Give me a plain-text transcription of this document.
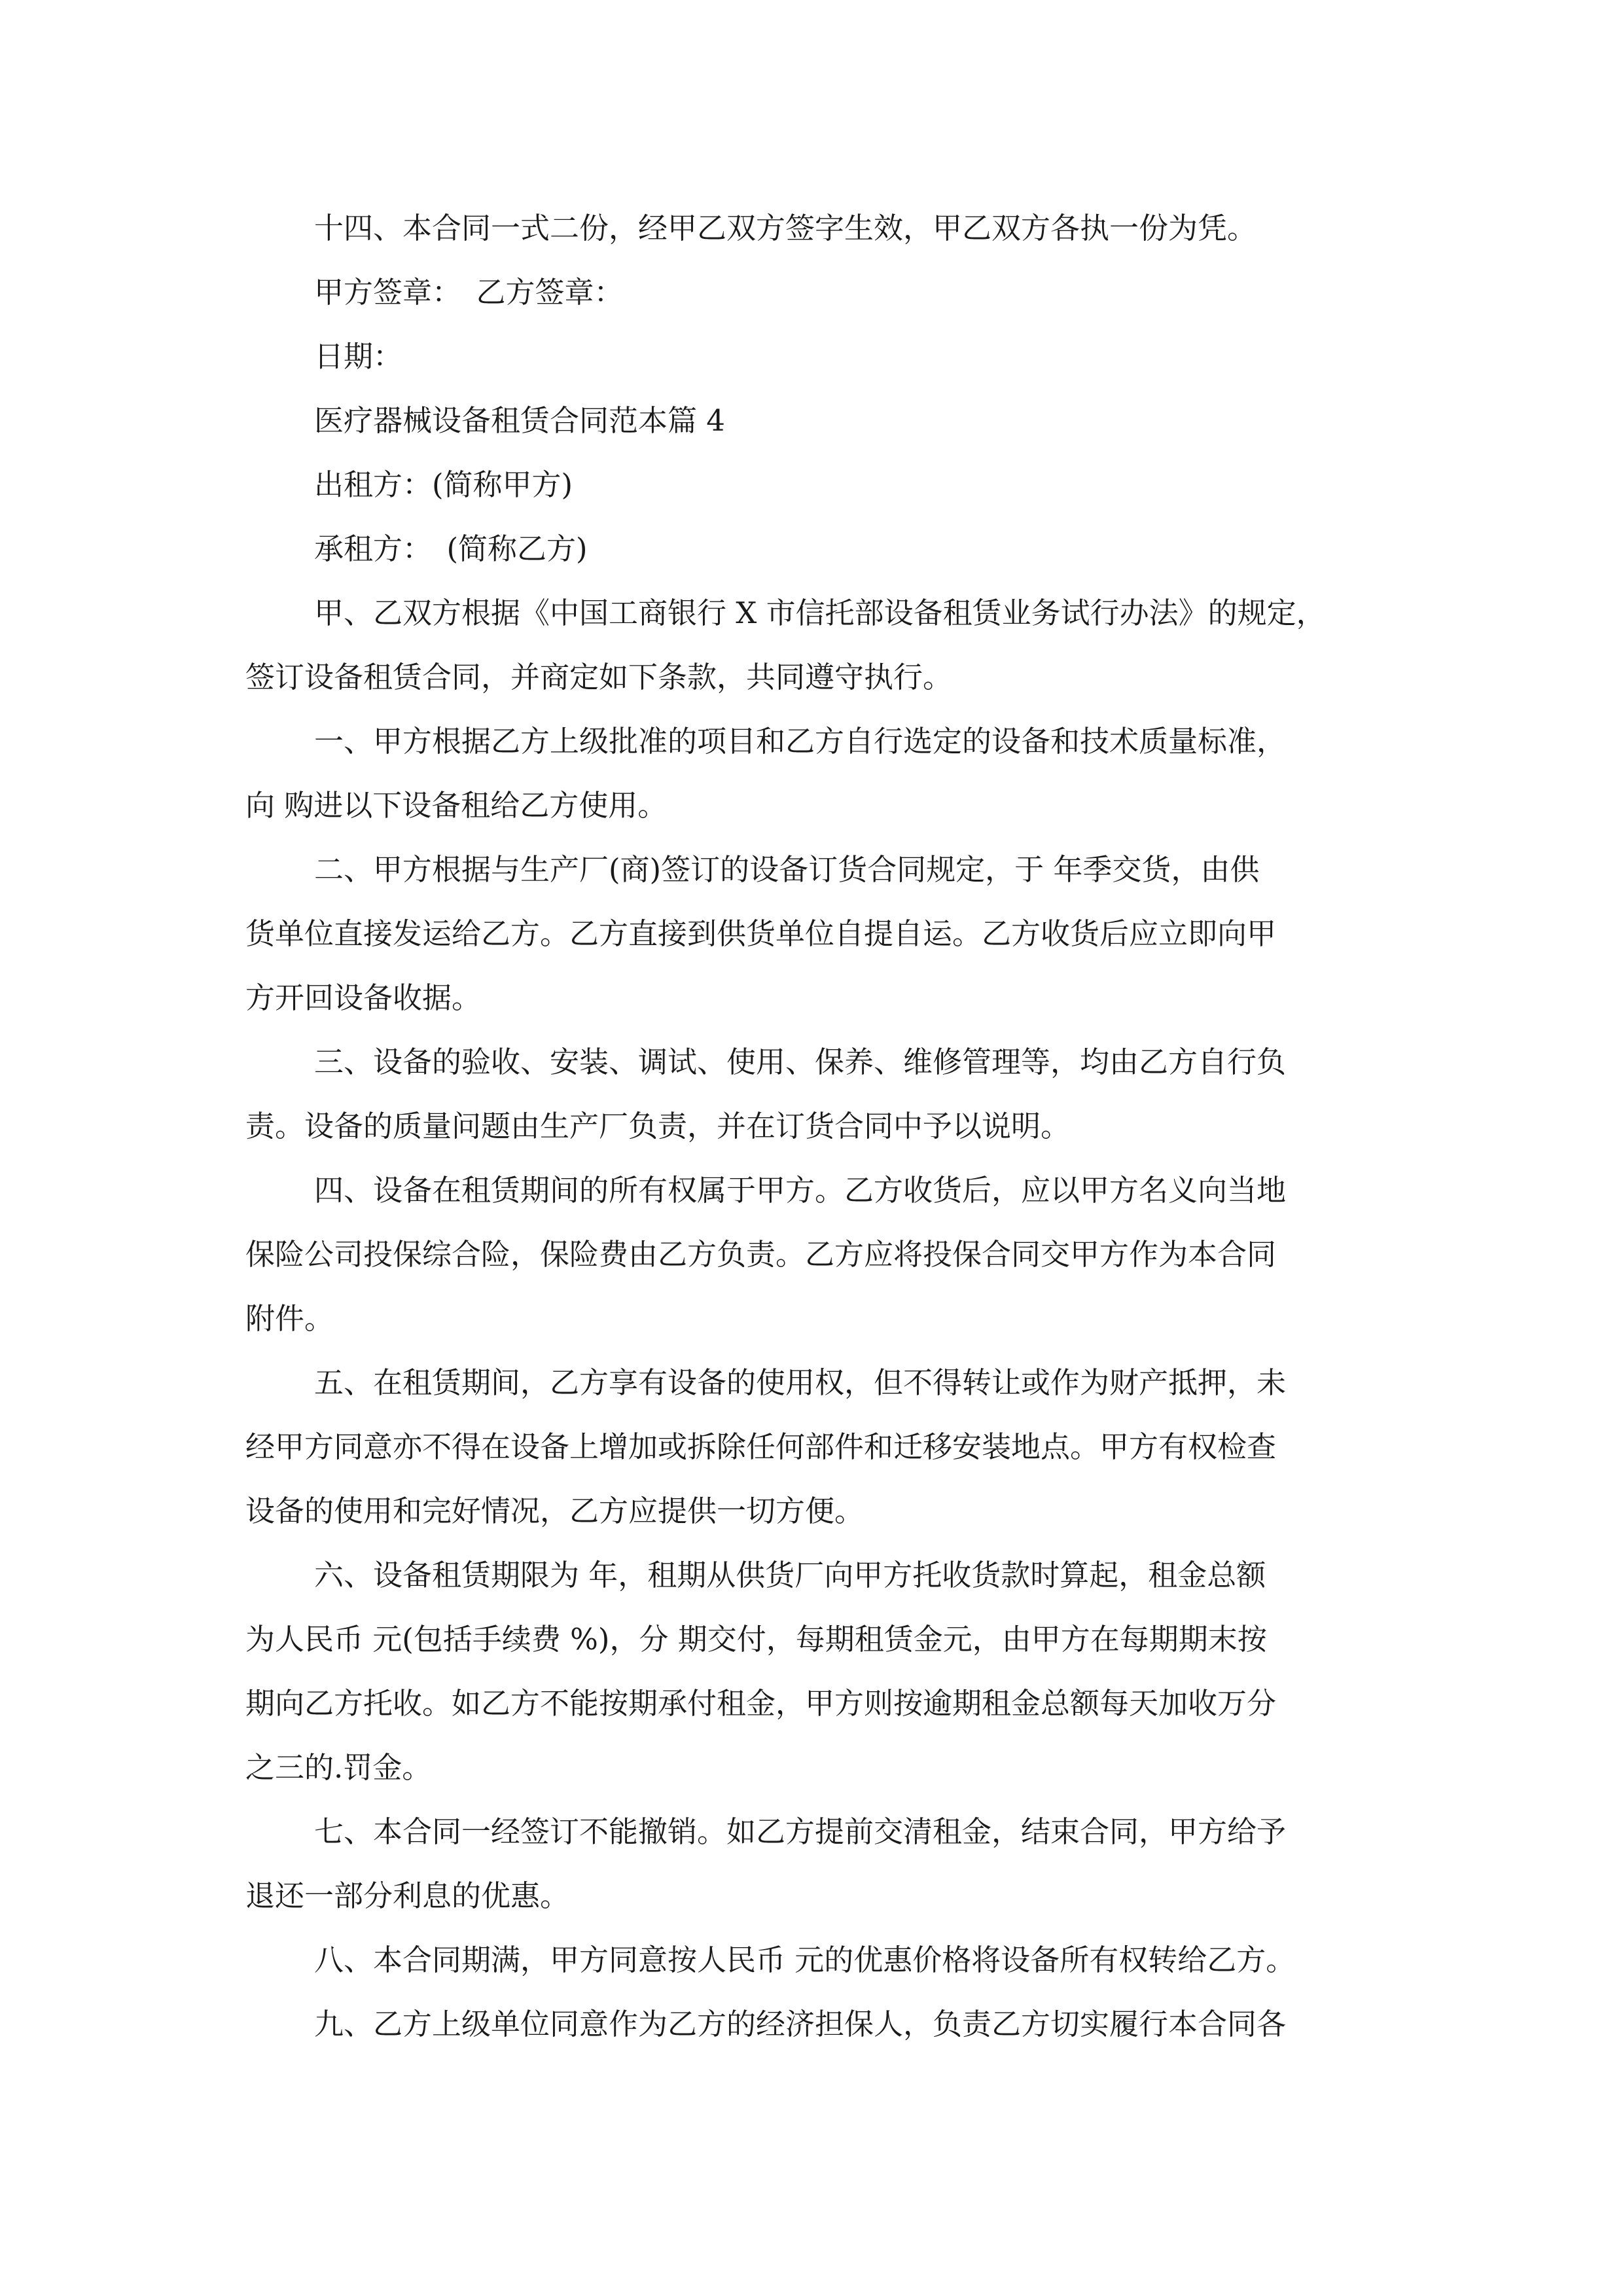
十四、本合同一式二份，经甲乙双方签字生效，甲乙双方各执一份为凭。
甲方签章：　乙方签章：
日期：
医疗器械设备租赁合同范本篇 4
出租方：(简称甲方)
承租方：　(简称乙方)
甲、乙双方根据《中国工商银行 X 市信托部设备租赁业务试行办法》的规定，
签订设备租赁合同，并商定如下条款，共同遵守执行。
一、甲方根据乙方上级批准的项目和乙方自行选定的设备和技术质量标准，
向 购进以下设备租给乙方使用。
二、甲方根据与生产厂(商)签订的设备订货合同规定，于 年季交货，由供
货单位直接发运给乙方。乙方直接到供货单位自提自运。乙方收货后应立即向甲
方开回设备收据。
三、设备的验收、安装、调试、使用、保养、维修管理等，均由乙方自行负
责。设备的质量问题由生产厂负责，并在订货合同中予以说明。
四、设备在租赁期间的所有权属于甲方。乙方收货后，应以甲方名义向当地
保险公司投保综合险，保险费由乙方负责。乙方应将投保合同交甲方作为本合同
附件。
五、在租赁期间，乙方享有设备的使用权，但不得转让或作为财产抵押，未
经甲方同意亦不得在设备上增加或拆除任何部件和迁移安装地点。甲方有权检查
设备的使用和完好情况，乙方应提供一切方便。
六、设备租赁期限为 年，租期从供货厂向甲方托收货款时算起，租金总额
为人民币 元(包括手续费 %)，分 期交付，每期租赁金元，由甲方在每期期末按
期向乙方托收。如乙方不能按期承付租金，甲方则按逾期租金总额每天加收万分
之三的.罚金。
七、本合同一经签订不能撤销。如乙方提前交清租金，结束合同，甲方给予
退还一部分利息的优惠。
八、本合同期满，甲方同意按人民币 元的优惠价格将设备所有权转给乙方。
九、乙方上级单位同意作为乙方的经济担保人，负责乙方切实履行本合同各
